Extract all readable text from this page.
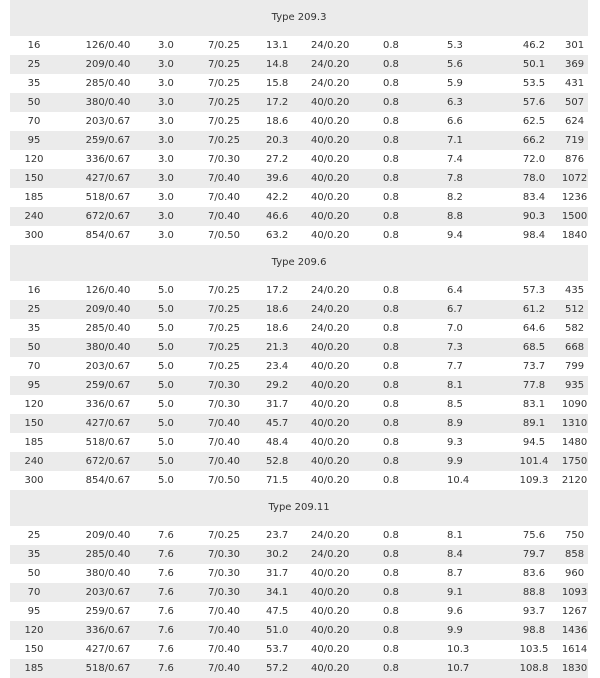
Type 209.3									
16	126/0.40	3.0	7/0.25	13.1	24/0.20	0.8	5.3	46.2	301
25	209/0.40	3.0	7/0.25	14.8	24/0.20	0.8	5.6	50.1	369
35	285/0.40	3.0	7/0.25	15.8	24/0.20	0.8	5.9	53.5	431
50	380/0.40	3.0	7/0.25	17.2	40/0.20	0.8	6.3	57.6	507
70	203/0.67	3.0	7/0.25	18.6	40/0.20	0.8	6.6	62.5	624
95	259/0.67	3.0	7/0.25	20.3	40/0.20	0.8	7.1	66.2	719
120	336/0.67	3.0	7/0.30	27.2	40/0.20	0.8	7.4	72.0	876
150	427/0.67	3.0	7/0.40	39.6	40/0.20	0.8	7.8	78.0	1072
185	518/0.67	3.0	7/0.40	42.2	40/0.20	0.8	8.2	83.4	1236
240	672/0.67	3.0	7/0.40	46.6	40/0.20	0.8	8.8	90.3	1500
300	854/0.67	3.0	7/0.50	63.2	40/0.20	0.8	9.4	98.4	1840
Type 209.6									
16	126/0.40	5.0	7/0.25	17.2	24/0.20	0.8	6.4	57.3	435
25	209/0.40	5.0	7/0.25	18.6	24/0.20	0.8	6.7	61.2	512
35	285/0.40	5.0	7/0.25	18.6	24/0.20	0.8	7.0	64.6	582
50	380/0.40	5.0	7/0.25	21.3	40/0.20	0.8	7.3	68.5	668
70	203/0.67	5.0	7/0.25	23.4	40/0.20	0.8	7.7	73.7	799
95	259/0.67	5.0	7/0.30	29.2	40/0.20	0.8	8.1	77.8	935
120	336/0.67	5.0	7/0.30	31.7	40/0.20	0.8	8.5	83.1	1090
150	427/0.67	5.0	7/0.40	45.7	40/0.20	0.8	8.9	89.1	1310
185	518/0.67	5.0	7/0.40	48.4	40/0.20	0.8	9.3	94.5	1480
240	672/0.67	5.0	7/0.40	52.8	40/0.20	0.8	9.9	101.4	1750
300	854/0.67	5.0	7/0.50	71.5	40/0.20	0.8	10.4	109.3	2120
Type 209.11									
25	209/0.40	7.6	7/0.25	23.7	24/0.20	0.8	8.1	75.6	750
35	285/0.40	7.6	7/0.30	30.2	24/0.20	0.8	8.4	79.7	858
50	380/0.40	7.6	7/0.30	31.7	40/0.20	0.8	8.7	83.6	960
70	203/0.67	7.6	7/0.30	34.1	40/0.20	0.8	9.1	88.8	1093
95	259/0.67	7.6	7/0.40	47.5	40/0.20	0.8	9.6	93.7	1267
120	336/0.67	7.6	7/0.40	51.0	40/0.20	0.8	9.9	98.8	1436
150	427/0.67	7.6	7/0.40	53.7	40/0.20	0.8	10.3	103.5	1614
185	518/0.67	7.6	7/0.40	57.2	40/0.20	0.8	10.7	108.8	1830
